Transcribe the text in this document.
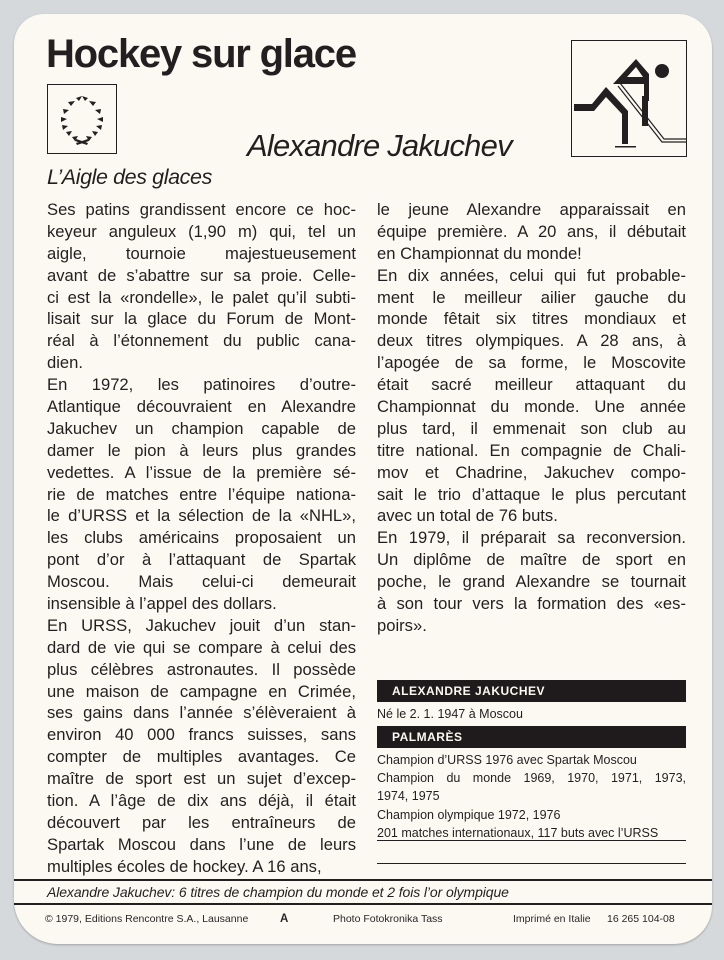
Hockey sur glace
Alexandre Jakuchev
L’Aigle des glaces
Ses patins grandissent encore ce hoc-
keyeur anguleux (1,90 m) qui, tel un
aigle, tournoie majestueusement
avant de s’abattre sur sa proie. Celle-
ci est la «rondelle», le palet qu’il subti-
lisait sur la glace du Forum de Mont-
réal à l’étonnement du public cana-
dien.
En 1972, les patinoires d’outre-
Atlantique découvraient en Alexandre
Jakuchev un champion capable de
damer le pion à leurs plus grandes
vedettes. A l’issue de la première sé-
rie de matches entre l’équipe nationa-
le d’URSS et la sélection de la «NHL»,
les clubs américains proposaient un
pont d’or à l’attaquant de Spartak
Moscou. Mais celui-ci demeurait
insensible à l’appel des dollars.
En URSS, Jakuchev jouit d’un stan-
dard de vie qui se compare à celui des
plus célèbres astronautes. Il possède
une maison de campagne en Crimée,
ses gains dans l’année s’élèveraient à
environ 40 000 francs suisses, sans
compter de multiples avantages. Ce
maître de sport est un sujet d’excep-
tion. A l’âge de dix ans déjà, il était
découvert par les entraîneurs de
Spartak Moscou dans l’une de leurs
multiples écoles de hockey. A 16 ans,
le jeune Alexandre apparaissait en
équipe première. A 20 ans, il débutait
en Championnat du monde!
En dix années, celui qui fut probable-
ment le meilleur ailier gauche du
monde fêtait six titres mondiaux et
deux titres olympiques. A 28 ans, à
l’apogée de sa forme, le Moscovite
était sacré meilleur attaquant du
Championnat du monde. Une année
plus tard, il emmenait son club au
titre national. En compagnie de Chali-
mov et Chadrine, Jakuchev compo-
sait le trio d’attaque le plus percutant
avec un total de 76 buts.
En 1979, il préparait sa reconversion.
Un diplôme de maître de sport en
poche, le grand Alexandre se tournait
à son tour vers la formation des «es-
poirs».
ALEXANDRE JAKUCHEV
Né le 2. 1. 1947 à Moscou
PALMARÈS
Champion d’URSS 1976 avec Spartak Moscou
Champion du monde 1969, 1970, 1971, 1973,
1974, 1975
Champion olympique 1972, 1976
201 matches internationaux, 117 buts avec l’URSS
Alexandre Jakuchev: 6 titres de champion du monde et 2 fois l’or olympique
© 1979, Editions Rencontre S.A., Lausanne	A	Photo Fotokronika Tass	Imprimé en Italie 16 265 104-08
